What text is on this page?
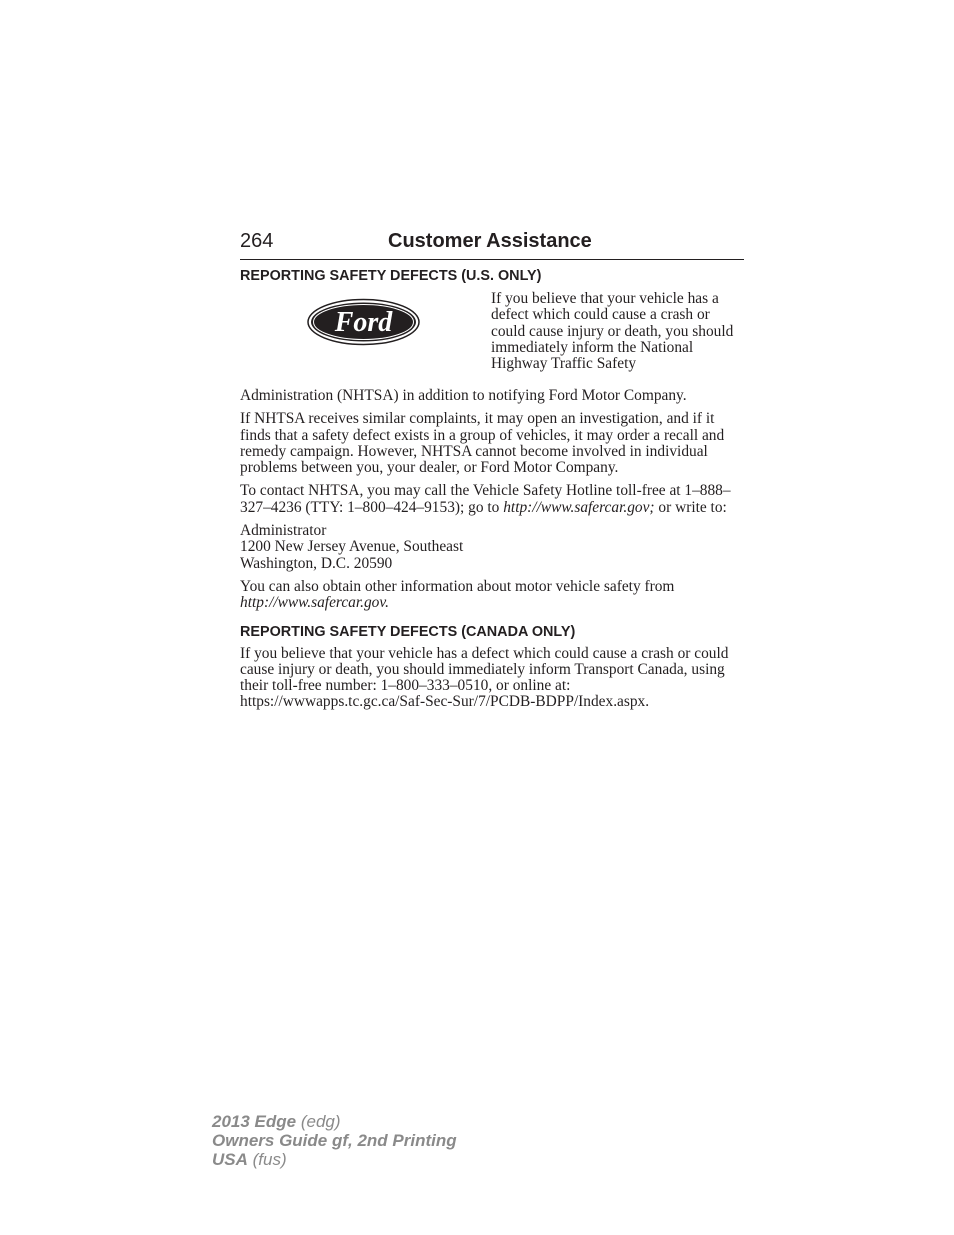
264	Customer Assistance
REPORTING SAFETY DEFECTS (U.S. ONLY)
Ford

If you believe that your vehicle has a defect which could cause a crash or could cause injury or death, you should immediately inform the National Highway Traffic Safety

Administration (NHTSA) in addition to notifying Ford Motor Company.

If NHTSA receives similar complaints, it may open an investigation, and if it finds that a safety defect exists in a group of vehicles, it may order a recall and remedy campaign. However, NHTSA cannot become involved in individual problems between you, your dealer, or Ford Motor Company.

To contact NHTSA, you may call the Vehicle Safety Hotline toll-free at 1–888–327–4236 (TTY: 1–800–424–9153); go to http://www.safercar.gov; or write to:

Administrator
1200 New Jersey Avenue, Southeast
Washington, D.C. 20590

You can also obtain other information about motor vehicle safety from http://www.safercar.gov.

REPORTING SAFETY DEFECTS (CANADA ONLY)

If you believe that your vehicle has a defect which could cause a crash or could cause injury or death, you should immediately inform Transport Canada, using their toll-free number: 1–800–333–0510, or online at: https://wwwapps.tc.gc.ca/Saf-Sec-Sur/7/PCDB-BDPP/Index.aspx.

2013 Edge (edg)
Owners Guide gf, 2nd Printing
USA (fus)
